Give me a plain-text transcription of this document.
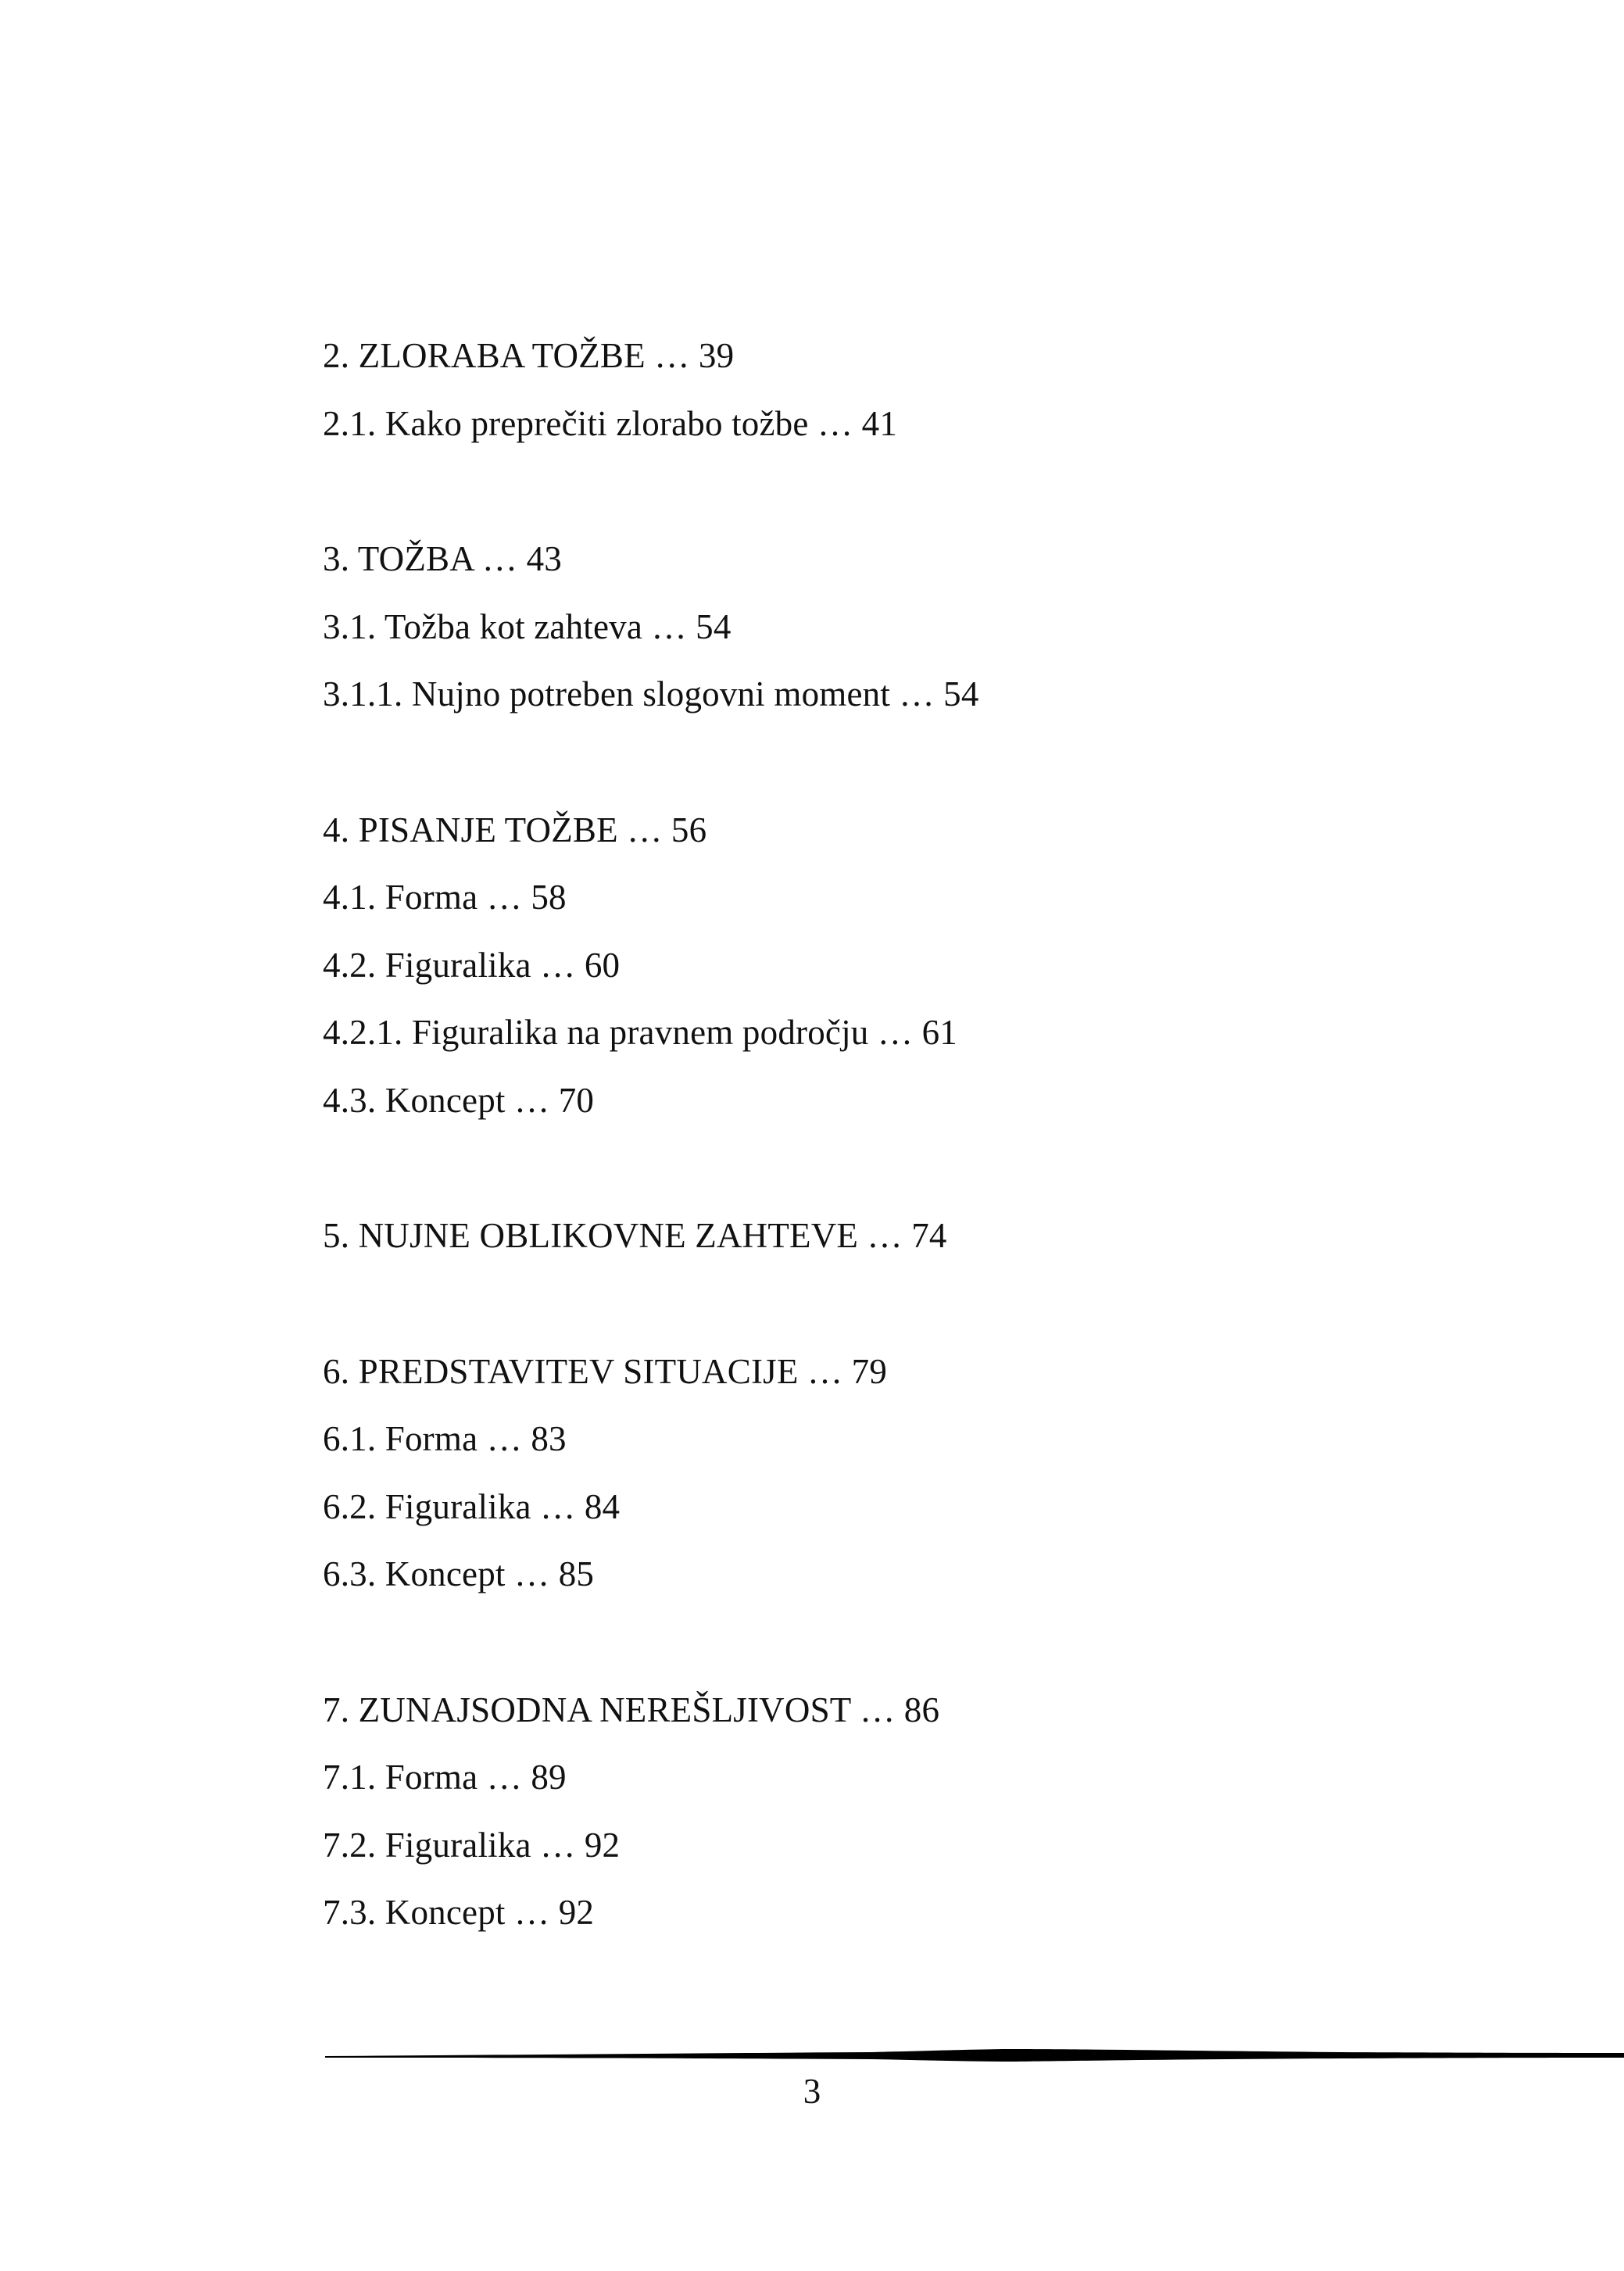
2. ZLORABA TOŽBE … 39
2.1. Kako preprečiti zlorabo tožbe … 41
3. TOŽBA … 43
3.1. Tožba kot zahteva … 54
3.1.1. Nujno potreben slogovni moment … 54
4. PISANJE TOŽBE … 56
4.1. Forma … 58
4.2. Figuralika … 60
4.2.1. Figuralika na pravnem področju … 61
4.3. Koncept … 70
5. NUJNE OBLIKOVNE ZAHTEVE … 74
6. PREDSTAVITEV SITUACIJE … 79
6.1. Forma … 83
6.2. Figuralika … 84
6.3. Koncept … 85
7. ZUNAJSODNA NEREŠLJIVOST … 86
7.1. Forma … 89
7.2. Figuralika … 92
7.3. Koncept … 92
3
